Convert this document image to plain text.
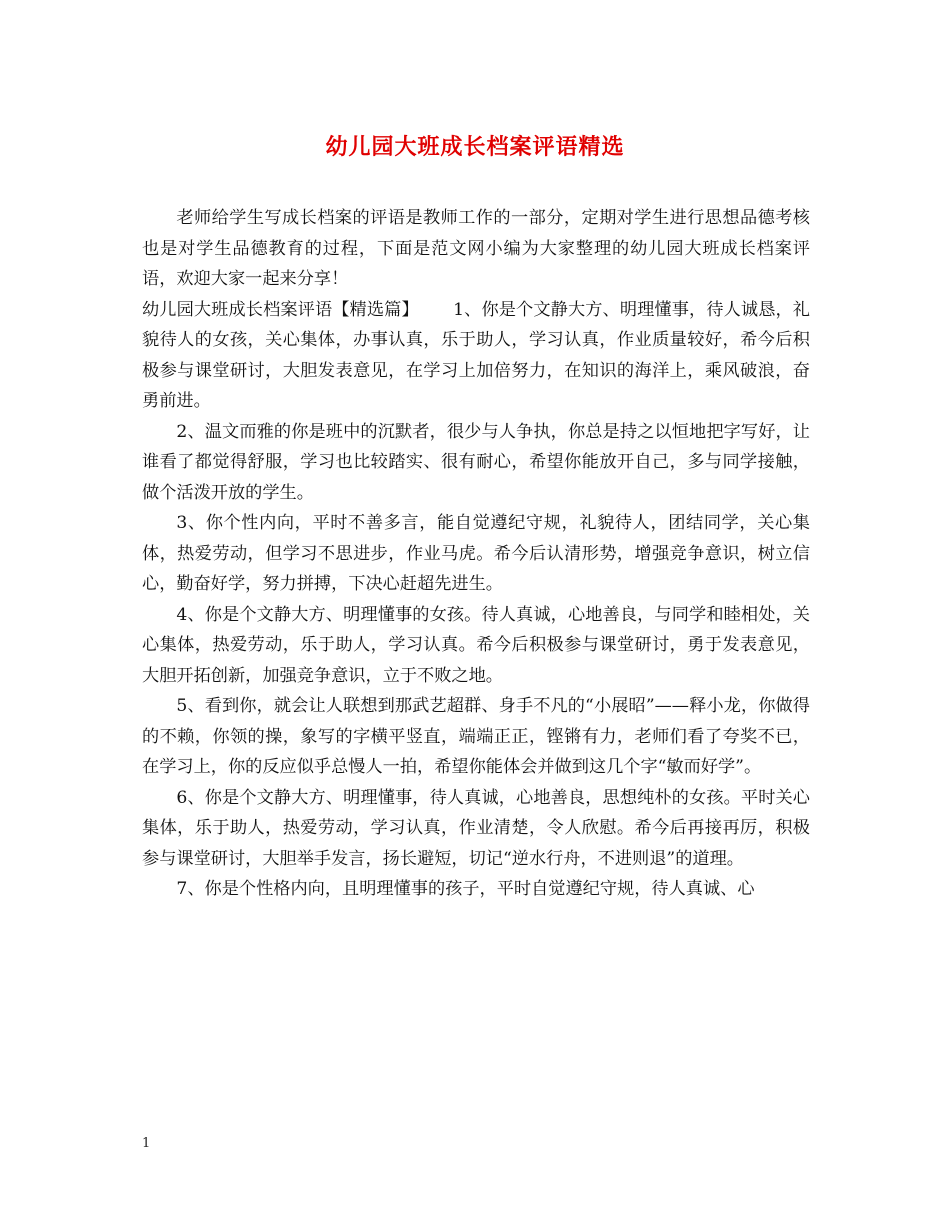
幼儿园大班成长档案评语精选

老师给学生写成长档案的评语是教师工作的一部分，定期对学生进行思想品德考核也是对学生品德教育的过程，下面是范文网小编为大家整理的幼儿园大班成长档案评语，欢迎大家一起来分享！

幼儿园大班成长档案评语【精选篇】   1、你是个文静大方、明理懂事，待人诚恳，礼貌待人的女孩，关心集体，办事认真，乐于助人，学习认真，作业质量较好，希今后积极参与课堂研讨，大胆发表意见，在学习上加倍努力，在知识的海洋上，乘风破浪，奋勇前进。

2、温文而雅的你是班中的沉默者，很少与人争执，你总是持之以恒地把字写好，让谁看了都觉得舒服，学习也比较踏实、很有耐心，希望你能放开自己，多与同学接触，做个活泼开放的学生。

3、你个性内向，平时不善多言，能自觉遵纪守规，礼貌待人，团结同学，关心集体，热爱劳动，但学习不思进步，作业马虎。希今后认清形势，增强竞争意识，树立信心，勤奋好学，努力拼搏，下决心赶超先进生。

4、你是个文静大方、明理懂事的女孩。待人真诚，心地善良，与同学和睦相处，关心集体，热爱劳动，乐于助人，学习认真。希今后积极参与课堂研讨，勇于发表意见，大胆开拓创新，加强竞争意识，立于不败之地。

5、看到你，就会让人联想到那武艺超群、身手不凡的“小展昭”——释小龙，你做得的不赖，你领的操，象写的字横平竖直，端端正正，铿锵有力，老师们看了夸奖不已，在学习上，你的反应似乎总慢人一拍，希望你能体会并做到这几个字“敏而好学”。

6、你是个文静大方、明理懂事，待人真诚，心地善良，思想纯朴的女孩。平时关心集体，乐于助人，热爱劳动，学习认真，作业清楚，令人欣慰。希今后再接再厉，积极参与课堂研讨，大胆举手发言，扬长避短，切记“逆水行舟，不进则退”的道理。

7、你是个性格内向，且明理懂事的孩子，平时自觉遵纪守规，待人真诚、心

1
